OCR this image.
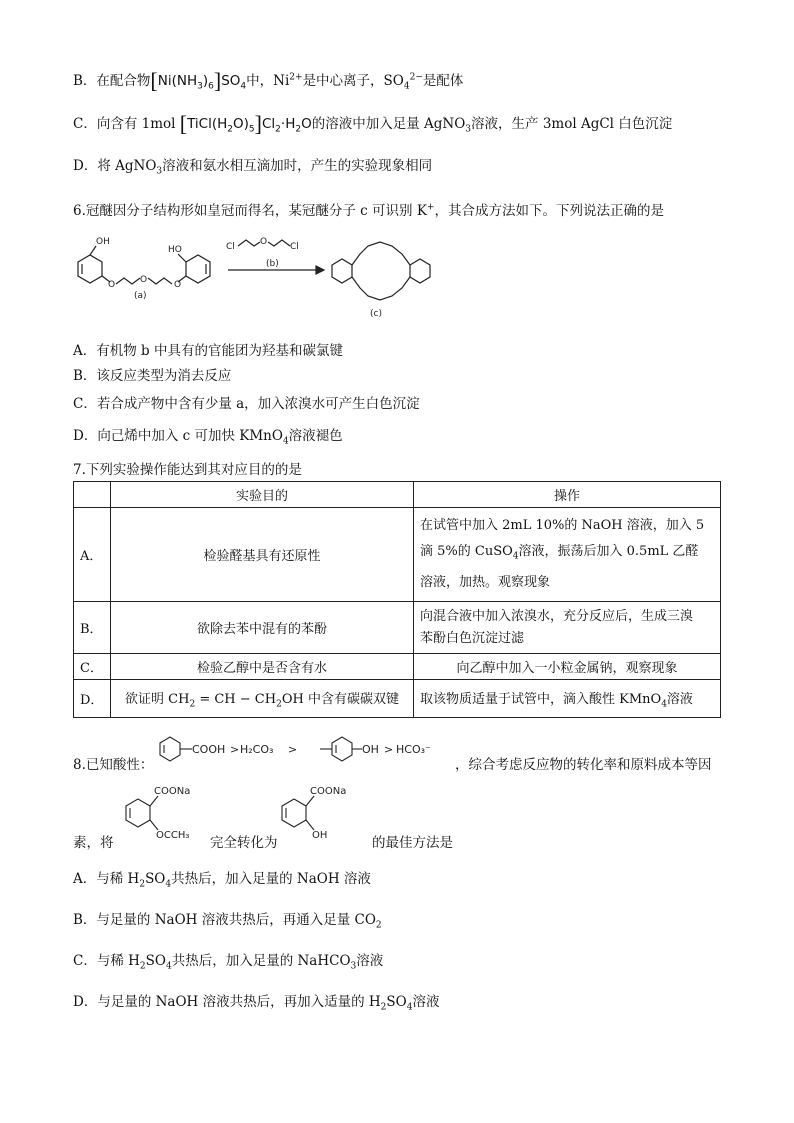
B．在配合物$[Ni(NH_3)_6]SO_4$中，$Ni^{2+}$是中心离子，$SO_4^{2-}$是配体
C．向含有 1mol $[TiCl(H_2O)_5]Cl_2\cdot H_2O$的溶液中加入足量 AgNO$_3$溶液，生产 3mol AgCl 白色沉淀
D．将 AgNO$_3$溶液和氨水相互滴加时，产生的实验现象相同
6.冠醚因分子结构形如皇冠而得名，某冠醚分子 c 可识别 K+，其合成方法如下。下列说法正确的是
OH
HO
O	O	O
(a)
Cl	O	Cl
(b)
(c)
A．有机物 b 中具有的官能团为羟基和碳氯键
B．该反应类型为消去反应
C．若合成产物中含有少量 a，加入浓溴水可产生白色沉淀
D．向己烯中加入 c 可加快 KMnO$_4$溶液褪色
7.下列实验操作能达到其对应目的的是
	实验目的	操作
A．	检验醛基具有还原性	在试管中加入 2mL 10%的 NaOH 溶液，加入 5
滴 5%的 CuSO$_4$溶液，振荡后加入 0.5mL 乙醛
溶液，加热。观察现象

B．	欲除去苯中混有的苯酚	向混合液中加入浓溴水，充分反应后，生成三溴
苯酚白色沉淀过滤

C．	检验乙醇中是否含有水	向乙醇中加入一小粒金属钠，观察现象
D．	欲证明 $CH_2$ = CH − $CH_2OH$ 中含有碳碳双键	取该物质适量于试管中，滴入酸性 KMnO$_4$溶液
8.已知酸性：
COOH > H₂CO₃ >	OH > HCO₃⁻
，综合考虑反应物的转化率和原料成本等因
素，将
COONa
OCCH₃ 完全转化为
COONa
OH	的最佳方法是
A．与稀 $H_2SO_4$共热后，加入足量的 NaOH 溶液
B．与足量的 NaOH 溶液共热后，再通入足量 $CO_2$
C．与稀 $H_2SO_4$共热后，加入足量的 NaHCO$_3$溶液
D．与足量的 NaOH 溶液共热后，再加入适量的 $H_2SO_4$溶液
